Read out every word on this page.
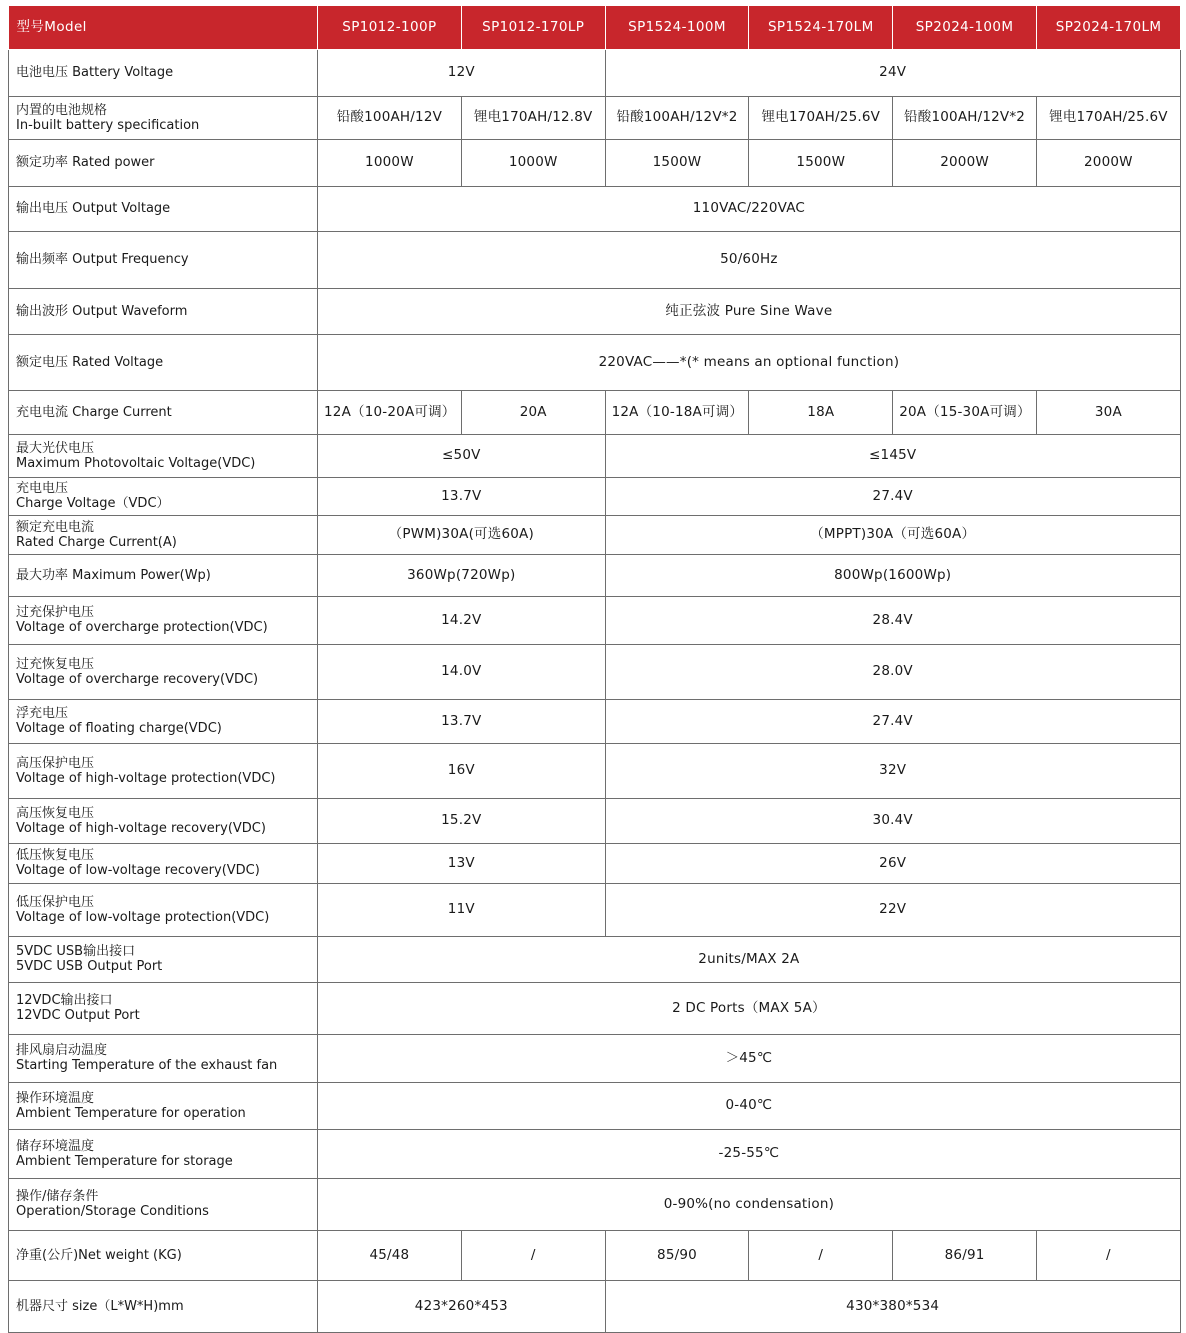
型号Model	SP1012-100P	SP1012-170LP	SP1524-100M	SP1524-170LM	SP2024-100M	SP2024-170LM
电池电压 Battery Voltage	12V		24V			

内置的电池规格
In-built battery specification	铅酸100AH/12V	锂电170AH/12.8V	铅酸100AH/12V*2	锂电170AH/25.6V	铅酸100AH/12V*2	锂电170AH/25.6V
额定功率 Rated power	1000W	1000W	1500W	1500W	2000W	2000W
输出电压 Output Voltage	110VAC/220VAC					
输出频率 Output Frequency	50/60Hz					
输出波形 Output Waveform	纯正弦波 Pure Sine Wave					
额定电压 Rated Voltage	220VAC——*(* means an optional function)					
充电电流 Charge Current	12A（10-20A可调）	20A	12A（10-18A可调）	18A	20A（15-30A可调）	30A

最大光伏电压
Maximum Photovoltaic Voltage(VDC)	≤50V		≤145V			

充电电压
Charge Voltage（VDC）	13.7V		27.4V			

额定充电电流
Rated Charge Current(A)	（PWM)30A(可选60A)		（MPPT)30A（可选60A）			
最大功率 Maximum Power(Wp)	360Wp(720Wp)		800Wp(1600Wp)			

过充保护电压
Voltage of overcharge protection(VDC)	14.2V		28.4V			

过充恢复电压
Voltage of overcharge recovery(VDC)	14.0V		28.0V			

浮充电压
Voltage of floating charge(VDC)	13.7V		27.4V			

高压保护电压
Voltage of high-voltage protection(VDC)	16V		32V			

高压恢复电压
Voltage of high-voltage recovery(VDC)	15.2V		30.4V			

低压恢复电压
Voltage of low-voltage recovery(VDC)	13V		26V			

低压保护电压
Voltage of low-voltage protection(VDC)	11V		22V			

5VDC USB输出接口
5VDC USB Output Port	2units/MAX 2A					

12VDC输出接口
12VDC Output Port	2 DC Ports（MAX 5A）					

排风扇启动温度
Starting Temperature of the exhaust fan	＞45℃					

操作环境温度
Ambient Temperature for operation	0-40℃					

储存环境温度
Ambient Temperature for storage	-25-55℃					

操作/储存条件
Operation/Storage Conditions	0-90%(no condensation)					
净重(公斤)Net weight (KG)	45/48	/	85/90	/	86/91	/
机器尺寸 size（L*W*H)mm	423*260*453		430*380*534			
